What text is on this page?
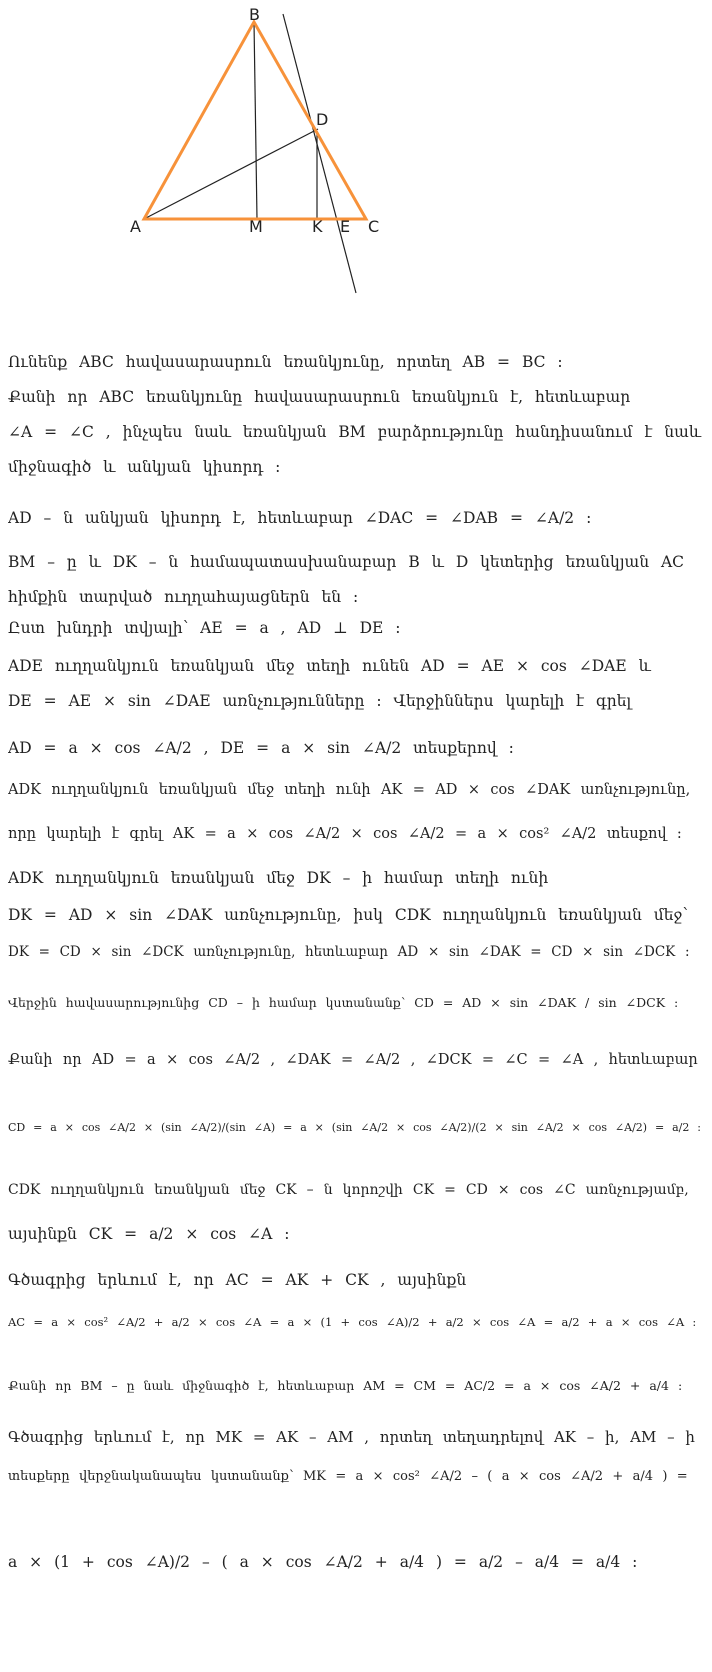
B
D
A	M	K E C
Ունենք ABC հավասարասրուն եռանկյունը, որտեղ AB = BC :
Քանի որ ABC եռանկյունը հավասարասրուն եռանկյուն է, հետևաբար
∠A = ∠C , ինչպես նաև եռանկյան BM բարձրությունը հանդիսանում է նաև
միջնագիծ և անկյան կիսորդ :
AD – ն անկյան կիսորդ է, հետևաբար ∠DAC = ∠DAB = ∠A/2 :
BM – ը և DK – ն համապատասխանաբար B և D կետերից եռանկյան AC
հիմքին տարված ուղղահայացներն են :
Ըստ խնդրի տվյալի՝ AE = a , AD ⊥ DE :
ADE ուղղանկյուն եռանկյան մեջ տեղի ունեն AD = AE × cos ∠DAE և
DE = AE × sin ∠DAE առնչությունները : Վերջիններս կարելի է գրել
AD = a × cos ∠A/2 , DE = a × sin ∠A/2 տեսքերով :
ADK ուղղանկյուն եռանկյան մեջ տեղի ունի AK = AD × cos ∠DAK առնչությունը,
որը կարելի է գրել AK = a × cos ∠A/2 × cos ∠A/2 = a × cos² ∠A/2 տեսքով :
ADK ուղղանկյուն եռանկյան մեջ DK – ի համար տեղի ունի
DK = AD × sin ∠DAK առնչությունը, իսկ CDK ուղղանկյուն եռանկյան մեջ՝
DK = CD × sin ∠DCK առնչությունը, հետևաբար AD × sin ∠DAK = CD × sin ∠DCK :
Վերջին հավասարությունից CD – ի համար կստանանք՝ CD = AD × sin ∠DAK / sin ∠DCK :
Քանի որ AD = a × cos ∠A/2 , ∠DAK = ∠A/2 , ∠DCK = ∠C = ∠A , հետևաբար
CD = a × cos ∠A/2 × (sin ∠A/2)/(sin ∠A) = a × (sin ∠A/2 × cos ∠A/2)/(2 × sin ∠A/2 × cos ∠A/2) = a/2 :
CDK ուղղանկյուն եռանկյան մեջ CK – ն կորոշվի CK = CD × cos ∠C առնչությամբ,
այսինքն CK = a/2 × cos ∠A :
Գծագրից երևում է, որ AC = AK + CK , այսինքն
AC = a × cos² ∠A/2 + a/2 × cos ∠A = a × (1 + cos ∠A)/2 + a/2 × cos ∠A = a/2 + a × cos ∠A :
Քանի որ BM – ը նաև միջնագիծ է, հետևաբար AM = CM = AC/2 = a × cos ∠A/2 + a/4 :
Գծագրից երևում է, որ MK = AK – AM , որտեղ տեղադրելով AK – ի, AM – ի
տեսքերը վերջնականապես կստանանք՝ MK = a × cos² ∠A/2 – ( a × cos ∠A/2 + a/4 ) =
a × (1 + cos ∠A)/2 – ( a × cos ∠A/2 + a/4 ) = a/2 – a/4 = a/4 :
